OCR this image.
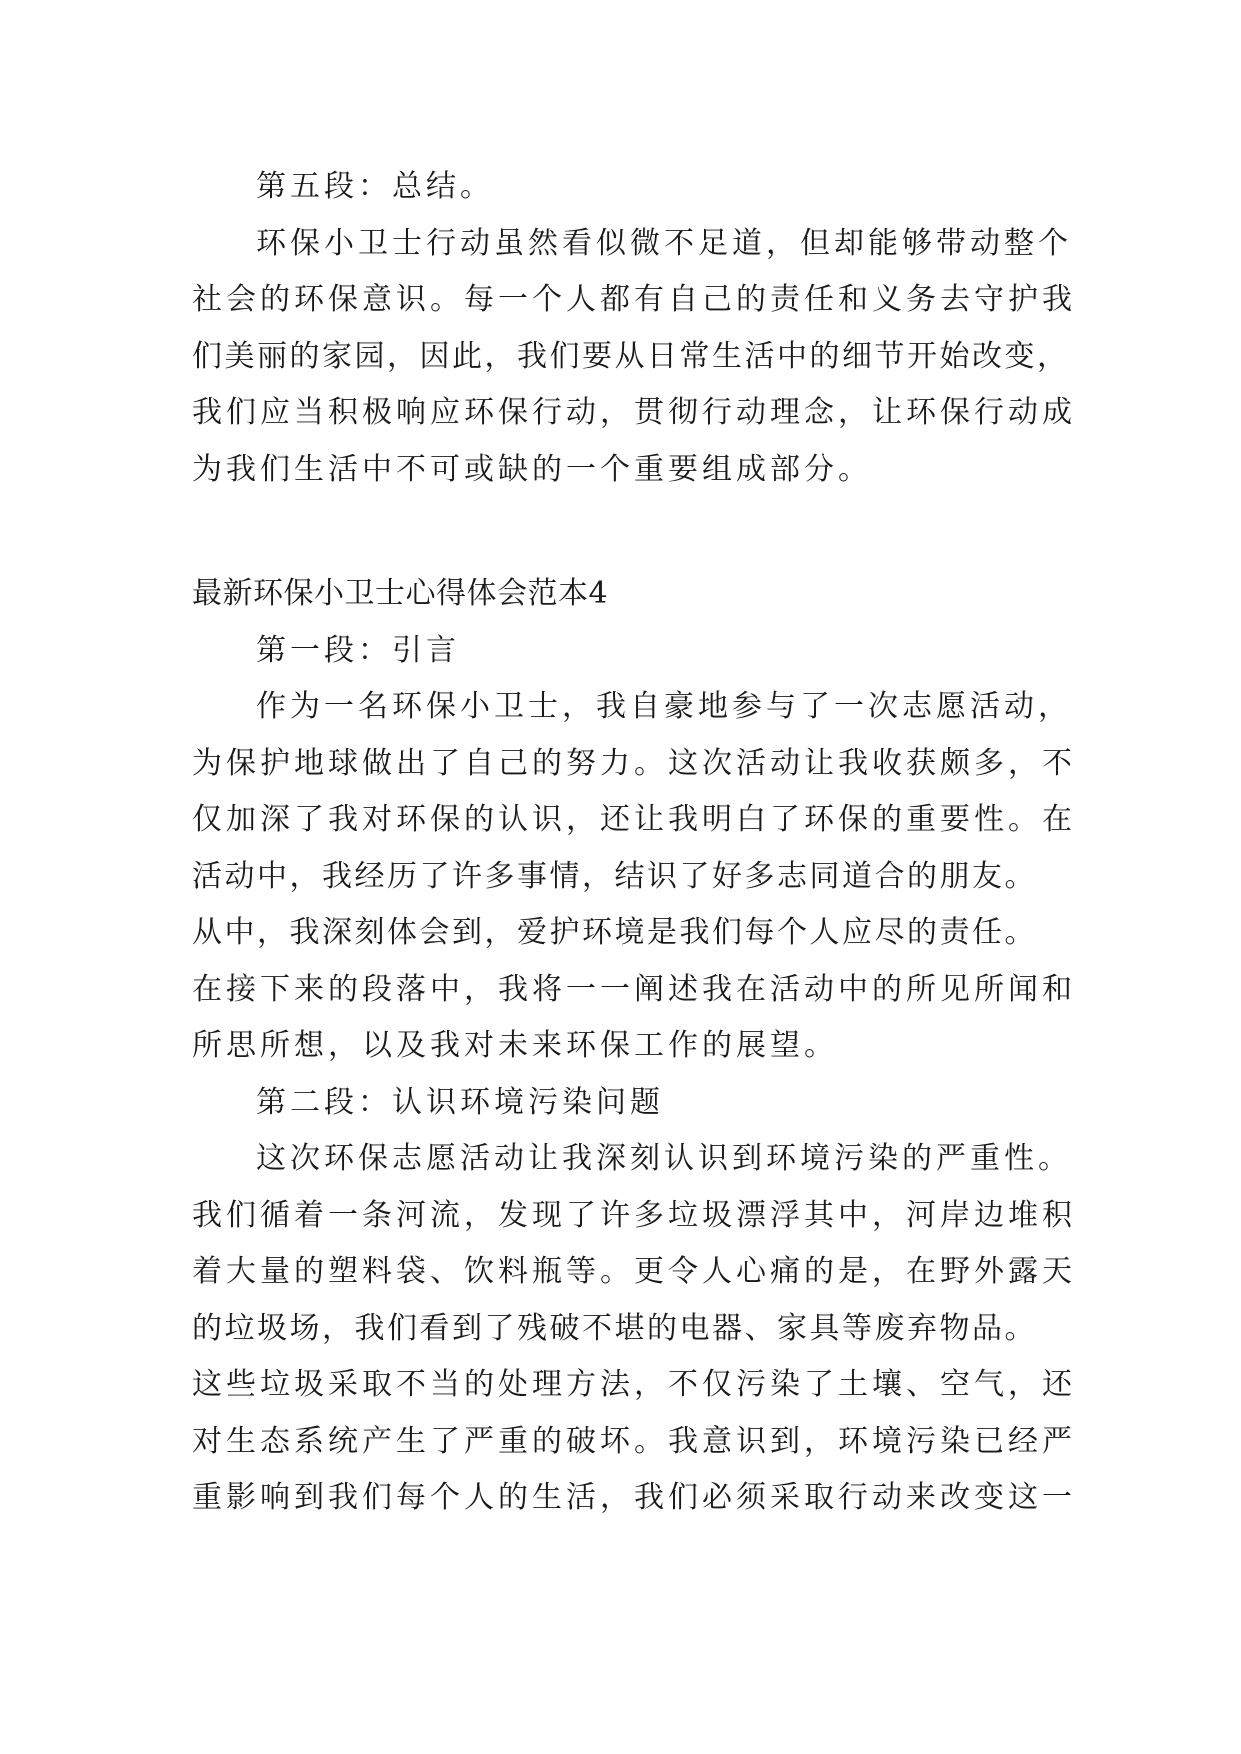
第五段：总结。
环保小卫士行动虽然看似微不足道，但却能够带动整个
社会的环保意识。每一个人都有自己的责任和义务去守护我
们美丽的家园，因此，我们要从日常生活中的细节开始改变，
我们应当积极响应环保行动，贯彻行动理念，让环保行动成
为我们生活中不可或缺的一个重要组成部分。
最新环保小卫士心得体会范本4
第一段：引言
作为一名环保小卫士，我自豪地参与了一次志愿活动，
为保护地球做出了自己的努力。这次活动让我收获颇多，不
仅加深了我对环保的认识，还让我明白了环保的重要性。在
活动中，我经历了许多事情，结识了好多志同道合的朋友。
从中，我深刻体会到，爱护环境是我们每个人应尽的责任。
在接下来的段落中，我将一一阐述我在活动中的所见所闻和
所思所想，以及我对未来环保工作的展望。
第二段：认识环境污染问题
这次环保志愿活动让我深刻认识到环境污染的严重性。
我们循着一条河流，发现了许多垃圾漂浮其中，河岸边堆积
着大量的塑料袋、饮料瓶等。更令人心痛的是，在野外露天
的垃圾场，我们看到了残破不堪的电器、家具等废弃物品。
这些垃圾采取不当的处理方法，不仅污染了土壤、空气，还
对生态系统产生了严重的破坏。我意识到，环境污染已经严
重影响到我们每个人的生活，我们必须采取行动来改变这一
